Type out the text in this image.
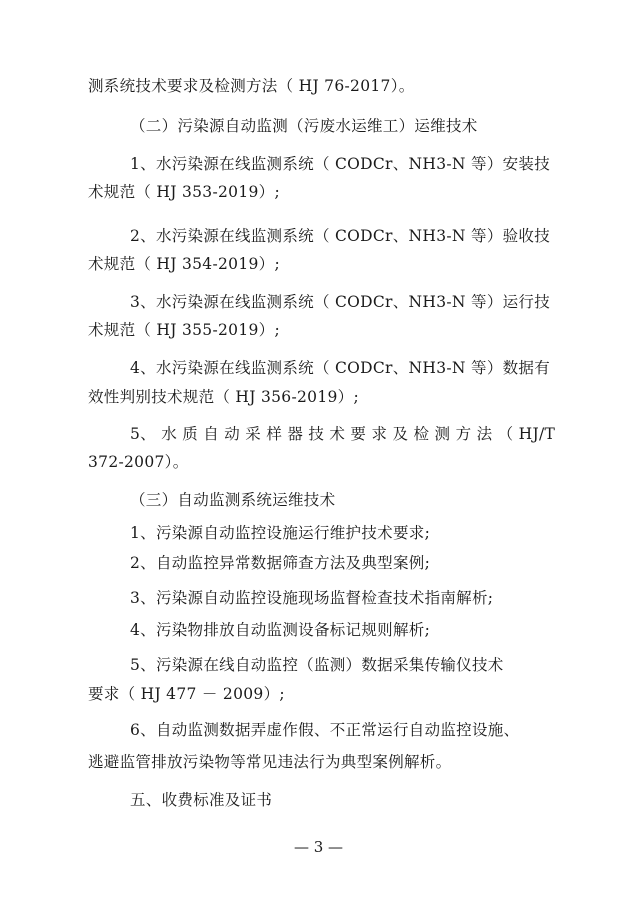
测系统技术要求及检测方法（ HJ 76-2017）。
（二）污染源自动监测（污废水运维工）运维技术
1、水污染源在线监测系统（ CODCr、NH3-N 等）安装技
术规范（ HJ 353-2019）;
2、水污染源在线监测系统（ CODCr、NH3-N 等）验收技
术规范（ HJ 354-2019）;
3、水污染源在线监测系统（ CODCr、NH3-N 等）运行技
术规范（ HJ 355-2019）;
4、水污染源在线监测系统（ CODCr、NH3-N 等）数据有
效性判别技术规范（ HJ 356-2019）;
5、 水 质 自 动 采 样 器 技 术 要 求 及 检 测 方 法 （ HJ/T
372-2007）。
（三）自动监测系统运维技术
1、污染源自动监控设施运行维护技术要求;
2、自动监控异常数据筛查方法及典型案例;
3、污染源自动监控设施现场监督检查技术指南解析;
4、污染物排放自动监测设备标记规则解析;
5、污染源在线自动监控（监测）数据采集传输仪技术
要求（ HJ 477 － 2009）;
6、自动监测数据弄虚作假、不正常运行自动监控设施、
逃避监管排放污染物等常见违法行为典型案例解析。
五、收费标准及证书
— 3 —
